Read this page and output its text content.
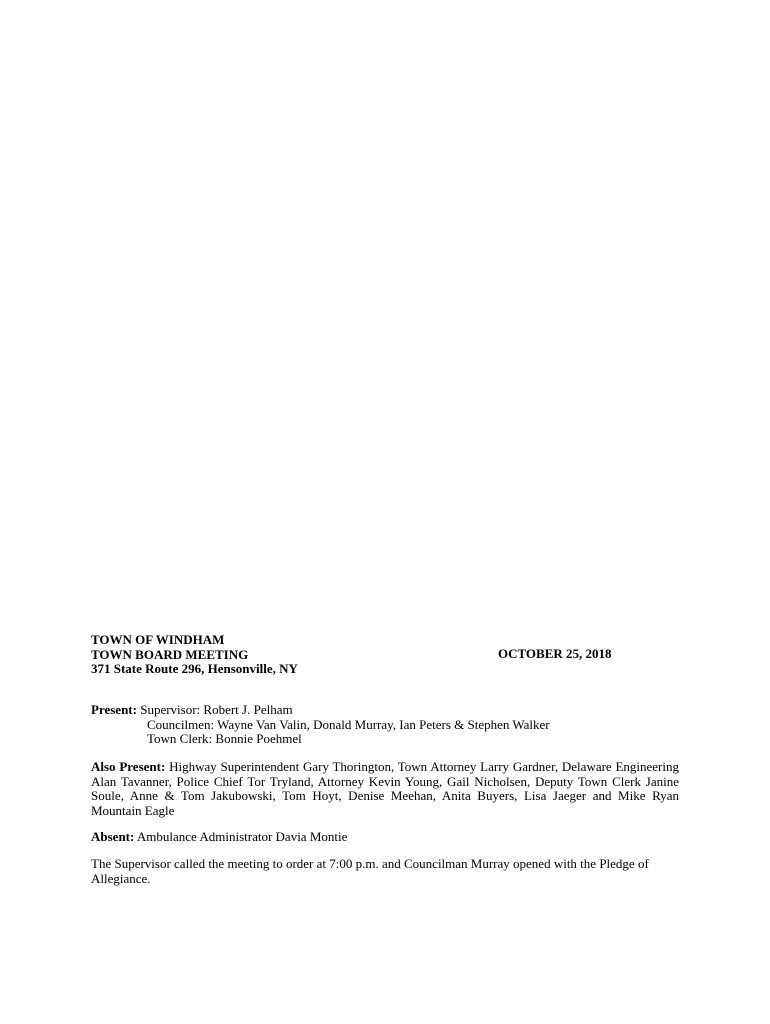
TOWN OF WINDHAM
TOWN BOARD MEETING
371 State Route 296, Hensonville, NY
OCTOBER 25, 2018
Present: Supervisor: Robert J. Pelham
Councilmen: Wayne Van Valin, Donald Murray, Ian Peters & Stephen Walker
Town Clerk: Bonnie Poehmel
Also Present: Highway Superintendent Gary Thorington, Town Attorney Larry Gardner, Delaware Engineering Alan Tavanner, Police Chief Tor Tryland, Attorney Kevin Young, Gail Nicholsen, Deputy Town Clerk Janine Soule, Anne & Tom Jakubowski, Tom Hoyt, Denise Meehan, Anita Buyers, Lisa Jaeger and Mike Ryan Mountain Eagle
Absent: Ambulance Administrator Davia Montie
The Supervisor called the meeting to order at 7:00 p.m. and Councilman Murray opened with the Pledge of Allegiance.
